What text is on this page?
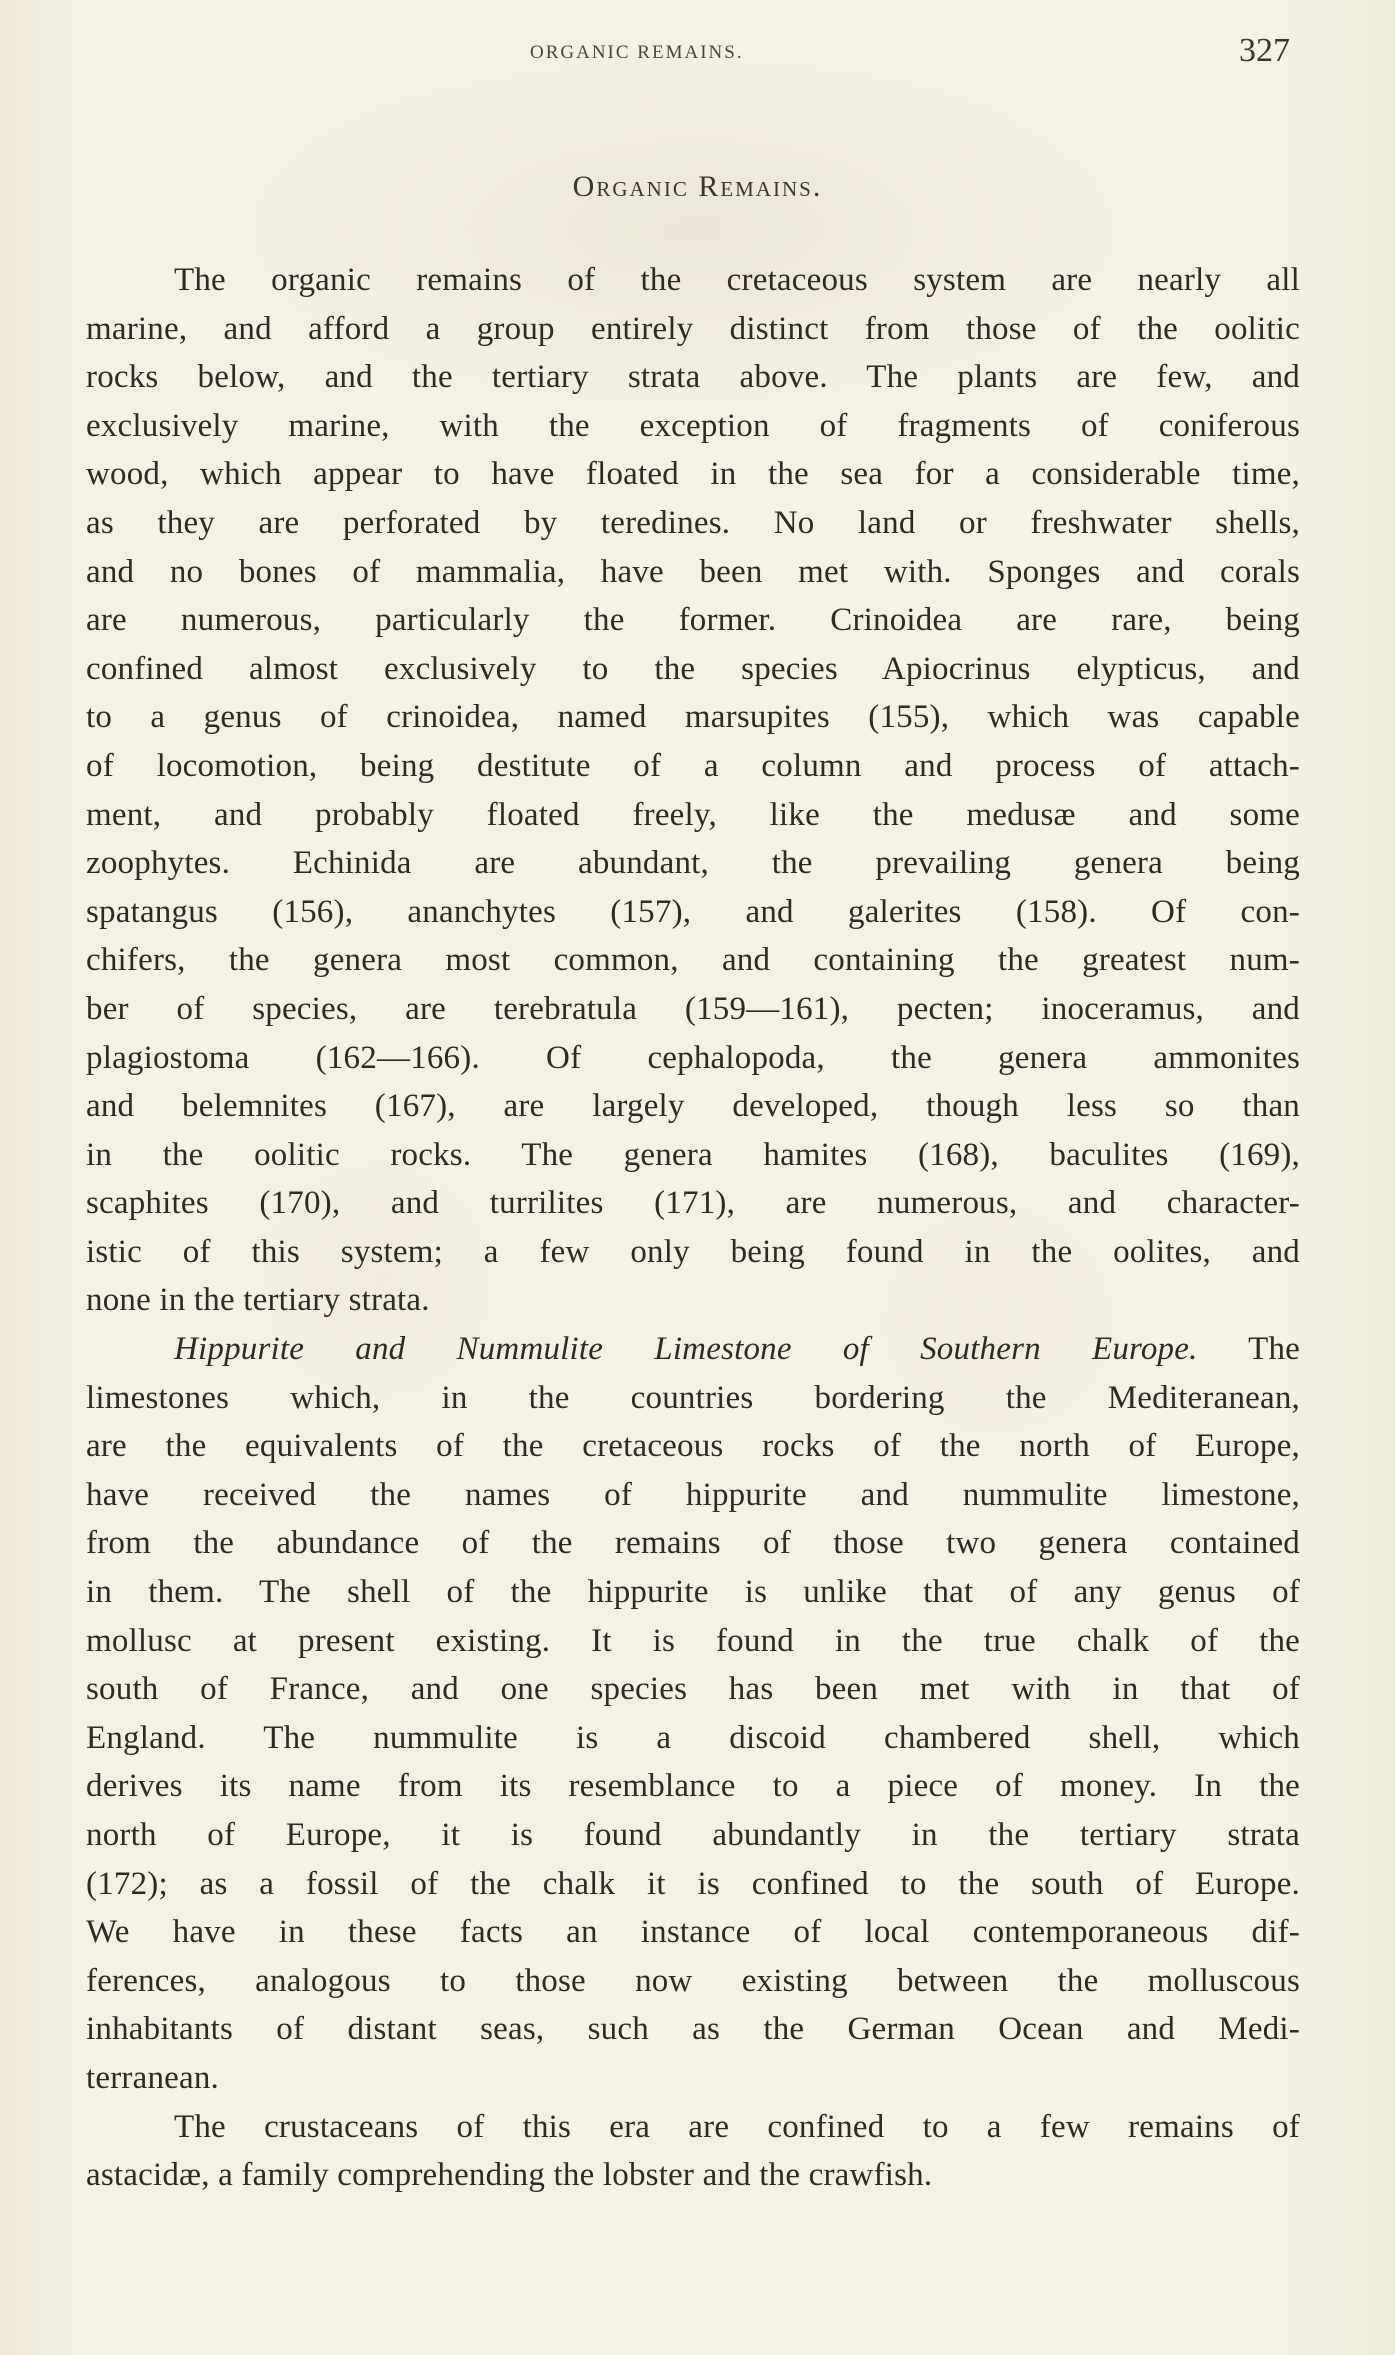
ORGANIC REMAINS.	327
Organic Remains.
The organic remains of the cretaceous system are nearly all
marine, and afford a group entirely distinct from those of the oolitic
rocks below, and the tertiary strata above. The plants are few, and
exclusively marine, with the exception of fragments of coniferous
wood, which appear to have floated in the sea for a considerable time,
as they are perforated by teredines. No land or freshwater shells,
and no bones of mammalia, have been met with. Sponges and corals
are numerous, particularly the former. Crinoidea are rare, being
confined almost exclusively to the species Apiocrinus elypticus, and
to a genus of crinoidea, named marsupites (155), which was capable
of locomotion, being destitute of a column and process of attach-
ment, and probably floated freely, like the medusæ and some
zoophytes. Echinida are abundant, the prevailing genera being
spatangus (156), ananchytes (157), and galerites (158). Of con-
chifers, the genera most common, and containing the greatest num-
ber of species, are terebratula (159—161), pecten; inoceramus, and
plagiostoma (162—166). Of cephalopoda, the genera ammonites
and belemnites (167), are largely developed, though less so than
in the oolitic rocks. The genera hamites (168), baculites (169),
scaphites (170), and turrilites (171), are numerous, and character-
istic of this system; a few only being found in the oolites, and
none in the tertiary strata.
Hippurite and Nummulite Limestone of Southern Europe. The
limestones which, in the countries bordering the Mediteranean,
are the equivalents of the cretaceous rocks of the north of Europe,
have received the names of hippurite and nummulite limestone,
from the abundance of the remains of those two genera contained
in them. The shell of the hippurite is unlike that of any genus of
mollusc at present existing. It is found in the true chalk of the
south of France, and one species has been met with in that of
England. The nummulite is a discoid chambered shell, which
derives its name from its resemblance to a piece of money. In the
north of Europe, it is found abundantly in the tertiary strata
(172); as a fossil of the chalk it is confined to the south of Europe.
We have in these facts an instance of local contemporaneous dif-
ferences, analogous to those now existing between the molluscous
inhabitants of distant seas, such as the German Ocean and Medi-
terranean.
The crustaceans of this era are confined to a few remains of
astacidæ, a family comprehending the lobster and the crawfish.
